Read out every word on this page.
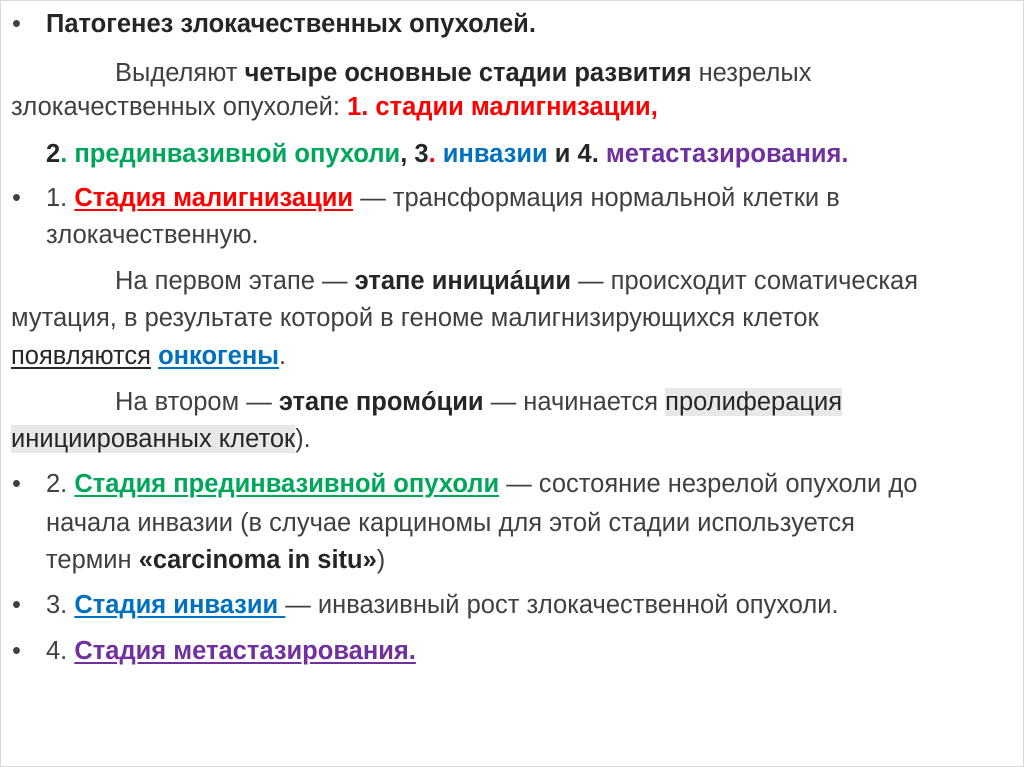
• Патогенез злокачественных опухолей.
Выделяют четыре основные стадии развития незрелых
злокачественных опухолей: 1. стадии малигнизации,
2. прединвазивной опухоли, 3. инвазии и 4. метастазирования.
• 1. Стадия малигнизации — трансформация нормальной клетки в
злокачественную.
На первом этапе — этапе инициáции — происходит соматическая
мутация, в результате которой в геноме малигнизирующихся клеток
появляются онкогены.
На втором — этапе промóции — начинается пролиферация
инициированных клеток).
• 2. Стадия прединвазивной опухоли — состояние незрелой опухоли до
начала инвазии (в случае карциномы для этой стадии используется
термин «carcinoma in situ»)
• 3. Стадия инвазии — инвазивный рост злокачественной опухоли.
• 4. Стадия метастазирования.
